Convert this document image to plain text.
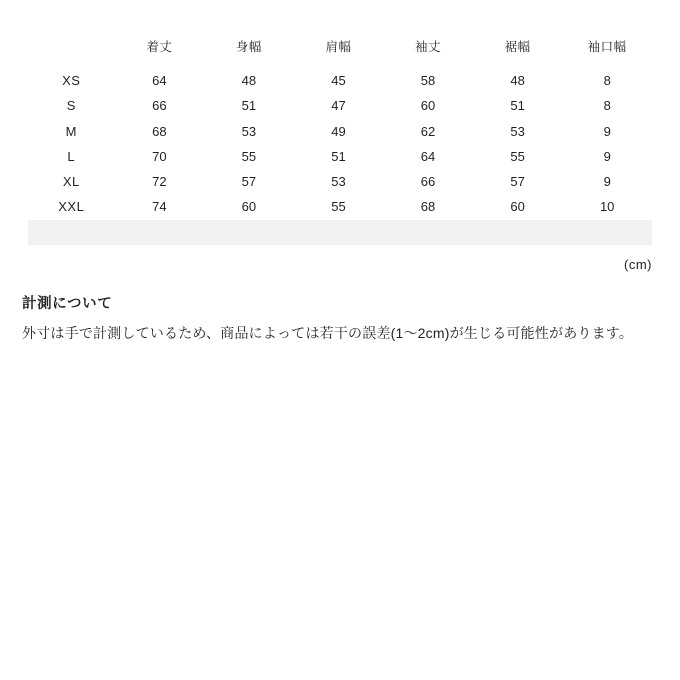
	着丈	身幅	肩幅	袖丈	裾幅	袖口幅
XS	64	48	45	58	48	8
S	66	51	47	60	51	8
M	68	53	49	62	53	9
L	70	55	51	64	55	9
XL	72	57	53	66	57	9
XXL	74	60	55	68	60	10

(cm)

計測について

外寸は手で計測しているため、商品によっては若干の誤差(1〜2cm)が生じる可能性があります。
